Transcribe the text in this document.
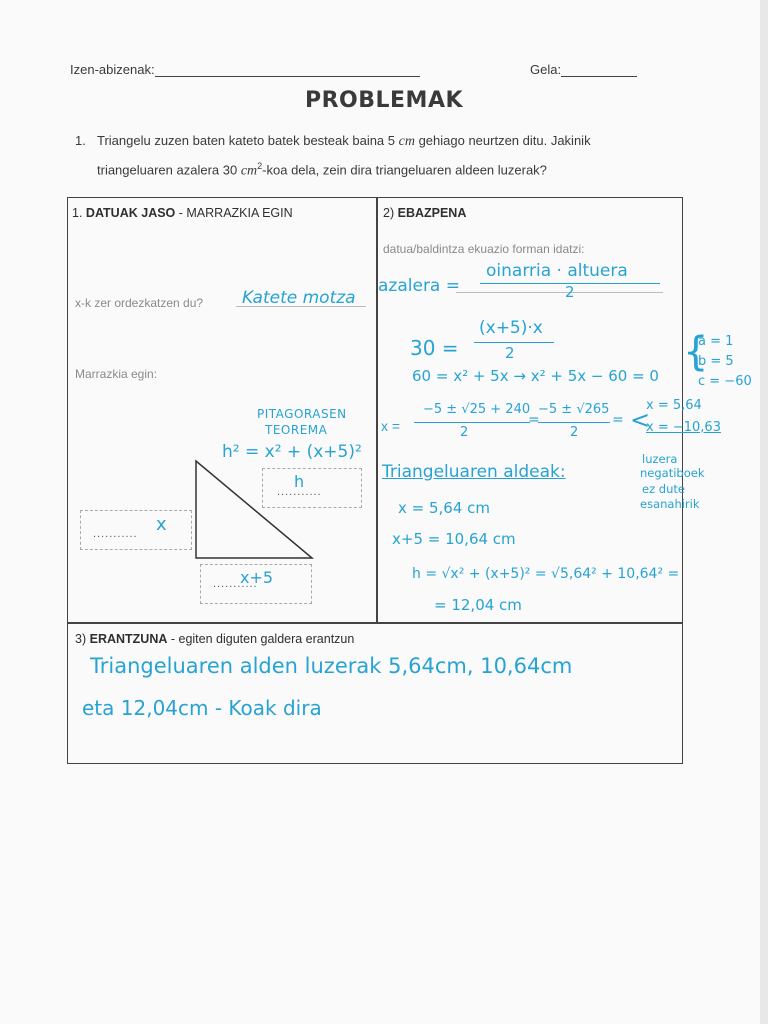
Izen-abizenak:	Gela:
PROBLEMAK
1. Triangelu zuzen baten kateto batek besteak baina 5 cm gehiago neurtzen ditu. Jakinik
triangeluaren azalera 30 $cm^2$-koa dela, zein dira triangeluaren aldeen luzerak?
1. DATUAK JASO - MARRAZKIA EGIN
x-k zer ordezkatzen du? Katete motza
Marrazkia egin:
PITAGORASEN
TEOREMA
h² = x² + (x+5)²
...........
h
........... x
...........
x+5
2) EBAZPENA
datua/baldintza ekuazio forman idatzi:
azalera =
oinarria · altuera
2
30 =
(x+5)·x
2
60 = x² + 5x → x² + 5x − 60 = 0
{
a = 1
b = 5
c = −60
x =
−5 ± √25 + 240
2
=
−5 ± √265
2
= <
x = 5,64
x = −10,63
luzera
negatiboek
ez dute
esanahirik
Triangeluaren aldeak:
x = 5,64 cm
x+5 = 10,64 cm
h = √x² + (x+5)² = √5,64² + 10,64² =
= 12,04 cm
3) ERANTZUNA - egiten diguten galdera erantzun
Triangeluaren alden luzerak 5,64cm, 10,64cm
eta 12,04cm - Koak dira
